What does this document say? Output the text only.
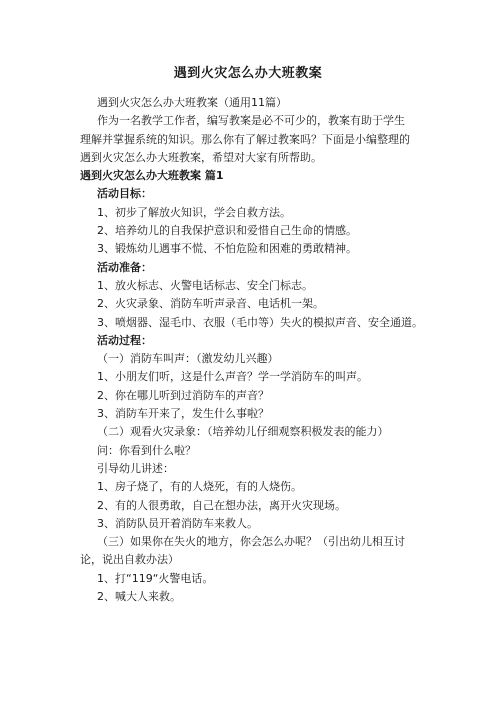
遇到火灾怎么办大班教案
遇到火灾怎么办大班教案（通用11篇）
作为一名教学工作者，编写教案是必不可少的，教案有助于学生
理解并掌握系统的知识。那么你有了解过教案吗？下面是小编整理的
遇到火灾怎么办大班教案，希望对大家有所帮助。
遇到火灾怎么办大班教案 篇1
活动目标：
1、初步了解放火知识，学会自救方法。
2、培养幼儿的自我保护意识和爱惜自己生命的情感。
3、锻炼幼儿遇事不慌、不怕危险和困难的勇敢精神。
活动准备：
1、放火标志、火警电话标志、安全门标志。
2、火灾录象、消防车听声录音、电话机一架。
3、喷烟器、湿毛巾、衣服（毛巾等）失火的模拟声音、安全通道。
活动过程：
（一）消防车叫声：（激发幼儿兴趣）
1、小朋友们听，这是什么声音？学一学消防车的叫声。
2、你在哪儿听到过消防车的声音？
3、消防车开来了，发生什么事啦？
（二）观看火灾录象：（培养幼儿仔细观察积极发表的能力）
问：你看到什么啦？
引导幼儿讲述：
1、房子烧了，有的人烧死，有的人烧伤。
2、有的人很勇敢，自己在想办法，离开火灾现场。
3、消防队员开着消防车来救人。
（三）如果你在失火的地方，你会怎么办呢？（引出幼儿相互讨
论，说出自救办法）
1、打“119“火警电话。
2、喊大人来救。
